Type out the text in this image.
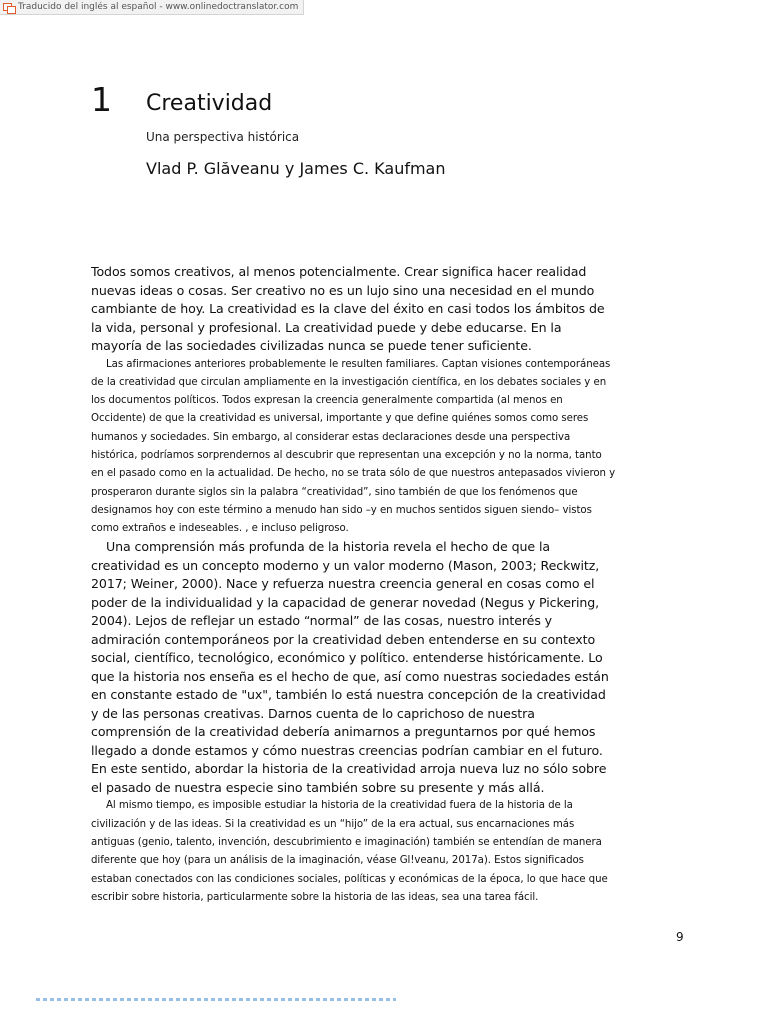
Traducido del inglés al español - www.onlinedoctranslator.com
1 Creatividad
Una perspectiva histórica
Vlad P. Glăveanu y James C. Kaufman

Todos somos creativos, al menos potencialmente. Crear significa hacer realidad nuevas ideas o cosas. Ser creativo no es un lujo sino una necesidad en el mundo cambiante de hoy. La creatividad es la clave del éxito en casi todos los ámbitos de la vida, personal y profesional. La creatividad puede y debe educarse. En la mayoría de las sociedades civilizadas nunca se puede tener suficiente.

Las afirmaciones anteriores probablemente le resulten familiares. Captan visiones contemporáneas de la creatividad que circulan ampliamente en la investigación científica, en los debates sociales y en los documentos políticos. Todos expresan la creencia generalmente compartida (al menos en Occidente) de que la creatividad es universal, importante y que define quiénes somos como seres humanos y sociedades. Sin embargo, al considerar estas declaraciones desde una perspectiva histórica, podríamos sorprendernos al descubrir que representan una excepción y no la norma, tanto en el pasado como en la actualidad. De hecho, no se trata sólo de que nuestros antepasados vivieron y prosperaron durante siglos sin la palabra “creatividad”, sino también de que los fenómenos que designamos hoy con este término a menudo han sido –y en muchos sentidos siguen siendo– vistos como extraños e indeseables. , e incluso peligroso.

Una comprensión más profunda de la historia revela el hecho de que la creatividad es un concepto moderno y un valor moderno (Mason, 2003; Reckwitz, 2017; Weiner, 2000). Nace y refuerza nuestra creencia general en cosas como el poder de la individualidad y la capacidad de generar novedad (Negus y Pickering, 2004). Lejos de reflejar un estado “normal” de las cosas, nuestro interés y admiración contemporáneos por la creatividad deben entenderse en su contexto social, científico, tecnológico, económico y político. entenderse históricamente. Lo que la historia nos enseña es el hecho de que, así como nuestras sociedades están en constante estado de "ux", también lo está nuestra concepción de la creatividad y de las personas creativas. Darnos cuenta de lo caprichoso de nuestra comprensión de la creatividad debería animarnos a preguntarnos por qué hemos llegado a donde estamos y cómo nuestras creencias podrían cambiar en el futuro. En este sentido, abordar la historia de la creatividad arroja nueva luz no sólo sobre el pasado de nuestra especie sino también sobre su presente y más allá.

Al mismo tiempo, es imposible estudiar la historia de la creatividad fuera de la historia de la civilización y de las ideas. Si la creatividad es un “hijo” de la era actual, sus encarnaciones más antiguas (genio, talento, invención, descubrimiento e imaginación) también se entendían de manera diferente que hoy (para un análisis de la imaginación, véase Gl!veanu, 2017a). Estos significados estaban conectados con las condiciones sociales, políticas y económicas de la época, lo que hace que escribir sobre historia, particularmente sobre la historia de las ideas, sea una tarea fácil.

9
